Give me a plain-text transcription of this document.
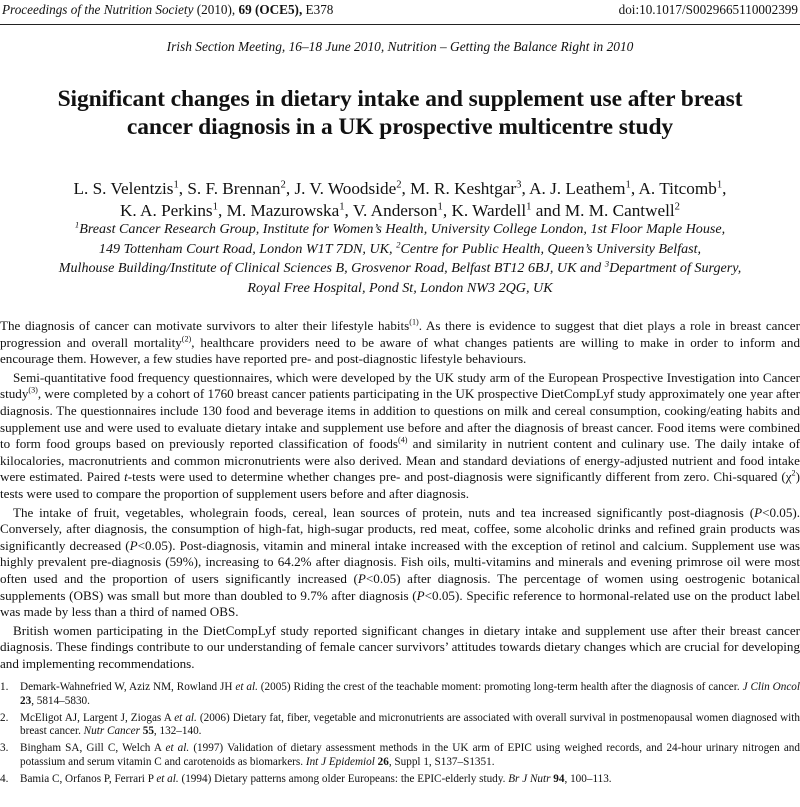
Proceedings of the Nutrition Society (2010), 69 (OCE5), E378	doi:10.1017/S0029665110002399
Irish Section Meeting, 16–18 June 2010, Nutrition – Getting the Balance Right in 2010
Significant changes in dietary intake and supplement use after breast
cancer diagnosis in a UK prospective multicentre study
L. S. Velentzis$^1$, S. F. Brennan$^2$, J. V. Woodside$^2$, M. R. Keshtgar$^3$, A. J. Leathem$^1$, A. Titcomb$^1$,
K. A. Perkins$^1$, M. Mazurowska$^1$, V. Anderson$^1$, K. Wardell$^1$ and M. M. Cantwell$^2$
$^1$Breast Cancer Research Group, Institute for Women’s Health, University College London, 1st Floor Maple House,
149 Tottenham Court Road, London W1T 7DN, UK, $^2$Centre for Public Health, Queen’s University Belfast,
Mulhouse Building/Institute of Clinical Sciences B, Grosvenor Road, Belfast BT12 6BJ, UK and $^3$Department of Surgery,
Royal Free Hospital, Pond St, London NW3 2QG, UK

The diagnosis of cancer can motivate survivors to alter their lifestyle habits$^{(1)}$. As there is evidence to suggest that diet plays a role in breast cancer progression and overall mortality$^{(2)}$, healthcare providers need to be aware of what changes patients are willing to make in order to inform and encourage them. However, a few studies have reported pre- and post-diagnostic lifestyle behaviours.

Semi-quantitative food frequency questionnaires, which were developed by the UK study arm of the European Prospective Investigation into Cancer study$^{(3)}$, were completed by a cohort of 1760 breast cancer patients participating in the UK prospective DietCompLyf study approximately one year after diagnosis. The questionnaires include 130 food and beverage items in addition to questions on milk and cereal consumption, cooking/eating habits and supplement use and were used to evaluate dietary intake and supplement use before and after the diagnosis of breast cancer. Food items were combined to form food groups based on previously reported classification of foods$^{(4)}$ and similarity in nutrient content and culinary use. The daily intake of kilocalories, macronutrients and common micronutrients were also derived. Mean and standard deviations of energy-adjusted nutrient and food intake were estimated. Paired t-tests were used to determine whether changes pre- and post-diagnosis were significantly different from zero. Chi-squared $(\chi^2)$ tests were used to compare the proportion of supplement users before and after diagnosis.

The intake of fruit, vegetables, wholegrain foods, cereal, lean sources of protein, nuts and tea increased significantly post-diagnosis (P<0.05). Conversely, after diagnosis, the consumption of high-fat, high-sugar products, red meat, coffee, some alcoholic drinks and refined grain products was significantly decreased (P<0.05). Post-diagnosis, vitamin and mineral intake increased with the exception of retinol and calcium. Supplement use was highly prevalent pre-diagnosis (59%), increasing to 64.2% after diagnosis. Fish oils, multi-vitamins and minerals and evening primrose oil were most often used and the proportion of users significantly increased (P<0.05) after diagnosis. The percentage of women using oestrogenic botanical supplements (OBS) was small but more than doubled to 9.7% after diagnosis (P<0.05). Specific reference to hormonal-related use on the product label was made by less than a third of named OBS.

British women participating in the DietCompLyf study reported significant changes in dietary intake and supplement use after their breast cancer diagnosis. These findings contribute to our understanding of female cancer survivors’ attitudes towards dietary changes which are crucial for developing and implementing recommendations.

1. Demark-Wahnefried W, Aziz NM, Rowland JH et al. (2005) Riding the crest of the teachable moment: promoting long-term health after the diagnosis of cancer. J Clin Oncol 23, 5814–5830.
2. McEligot AJ, Largent J, Ziogas A et al. (2006) Dietary fat, fiber, vegetable and micronutrients are associated with overall survival in postmenopausal women diagnosed with breast cancer. Nutr Cancer 55, 132–140.
3. Bingham SA, Gill C, Welch A et al. (1997) Validation of dietary assessment methods in the UK arm of EPIC using weighed records, and 24-hour urinary nitrogen and potassium and serum vitamin C and carotenoids as biomarkers. Int J Epidemiol 26, Suppl 1, S137–S1351.
4. Bamia C, Orfanos P, Ferrari P et al. (1994) Dietary patterns among older Europeans: the EPIC-elderly study. Br J Nutr 94, 100–113.
